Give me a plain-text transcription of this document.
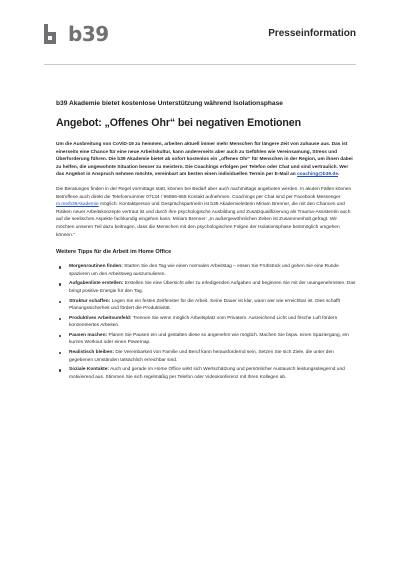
b39	Presseinformation
b39 Akademie bietet kostenlose Unterstützung während Isolationsphase
Angebot: „Offenes Ohr“ bei negativen Emotionen

Um die Ausbreitung von CoViD-19 zu hemmen, arbeiten aktuell immer mehr Menschen für längere Zeit von zuhause aus. Das ist einerseits eine Chance für eine neue Arbeitskultur, kann andererseits aber auch zu Gefühlen wie Vereinsamung, Stress und Überforderung führen. Die b39 Akademie bietet ab sofort kostenlos ein „offenes Ohr“ für Menschen in der Region, um ihnen dabei zu helfen, die ungewohnte Situation besser zu meistern. Die Coachings erfolgen per Telefon oder Chat und sind vertraulich. Wer das Angebot in Anspruch nehmen möchte, vereinbart am besten einen individuellen Termin per E-Mail an coaching@b39.de.

Die Beratungen finden in der Regel vormittags statt, können bei Bedarf aber auch nachmittags angeboten werden. In akuten Fällen können Betroffene auch direkt die Telefonnummer 07134 / 96896-655 Kontakt aufnehmen. Coachings per Chat sind per Facebook Messenger m.me/b39Akademie möglich. Kontaktperson und Gesprächspartnerin ist b39 Akademieleiterin Miriam Brenner, die mit den Chancen und Risiken neuer Arbeitskonzepte vertraut ist und durch ihre psychologische Ausbildung und Zusatzqualifizierung als Trauma-Assistentin auch auf die seelischen Aspekte fachkundig eingehen kann. Miriam Brenner: „In außergewöhnlichen Zeiten ist Zusammenhalt gefragt. Wir möchten unseren Teil dazu beitragen, dass die Menschen mit den psychologischen Folgen der Isolationsphase bestmöglich umgehen können.“

Weitere Tipps für die Arbeit im Home Office
Morgenroutinen finden: Starten Sie den Tag wie einen normalen Arbeitstag – essen Sie Frühstück und gehen Sie eine Runde spazieren um den Arbeitsweg auszumulieren.
Aufgabenliste erstellen: Erstellen Sie eine Übersicht aller zu erledigenden Aufgaben und beginnen Sie mit der unangenehmsten. Das bringt positive Energie für den Tag.
Struktur schaffen: Legen Sie ein festes Zeitfenster für die Arbeit. Seine Dauer ist klar, wann wer wie erreichbar ist. Dies schafft Planungssicherheit und fördert die Produktivität.
Produktives Arbeitsumfeld: Trennen Sie wenn möglich Arbeitsplatz vom Privatem. Ausreichend Licht und frische Luft fördern konzentriertes Arbeiten.
Pausen machen: Planen Sie Pausen ein und gestalten diese so angenehm wie möglich. Machen Sie bspw. einen Spaziergang, ein kurzes Workout oder einen Powernap.
Realistisch bleiben: Die Vereinbarkeit von Familie und Beruf kann herausfordernd sein. Setzen Sie sich Ziele, die unter den gegebenen Umständen tatsächlich erreichbar sind.
Soziale Kontakte: Auch und gerade im Home Office wirkt sich Wertschätzung und persönlicher Austausch leistungssteigernd und motivierend aus. Stimmen Sie sich regelmäßig per Telefon oder Videokonferenz mit Ihren Kollegen ab.
